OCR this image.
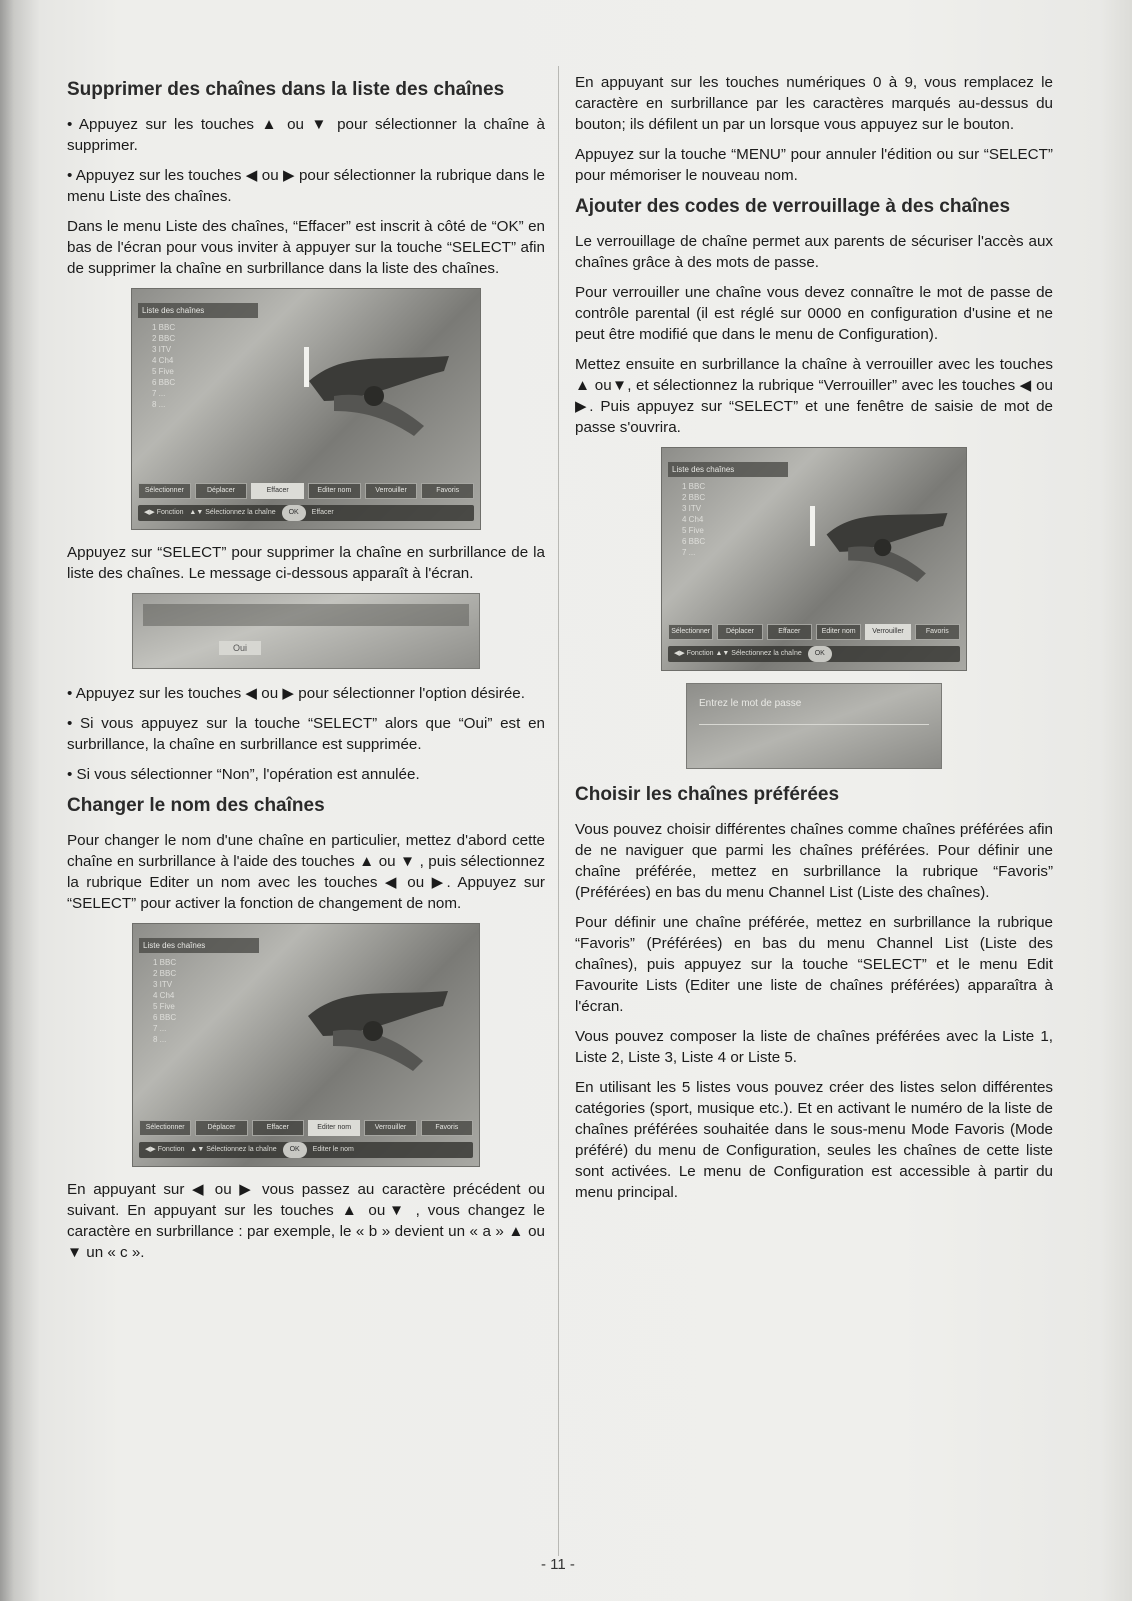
Supprimer des chaînes dans la liste des chaînes

• Appuyez sur les touches ▲ ou ▼ pour sélectionner la chaîne à supprimer.

• Appuyez sur les touches ◀ ou ▶ pour sélectionner la rubrique dans le menu Liste des chaînes.

Dans le menu Liste des chaînes, “Effacer” est inscrit à côté de “OK” en bas de l'écran pour vous inviter à appuyer sur la touche “SELECT” afin de supprimer la chaîne en surbrillance dans la liste des chaînes.

Liste des chaînes
1 BBC
2 BBC
3 ITV
4 Ch4
5 Five
6 BBC
7 ...
8 ...
Sélectionner	Déplacer	Effacer	Editer nom	Verrouiller	Favoris
◀▶ Fonction   ▲▼ Sélectionnez la chaîne OK Effacer

Appuyez sur “SELECT” pour supprimer la chaîne en surbrillance de la liste des chaînes. Le message ci-dessous apparaît à l'écran.

Oui

• Appuyez sur les touches ◀ ou ▶ pour sélectionner l'option désirée.

• Si vous appuyez sur la touche “SELECT” alors que “Oui” est en surbrillance, la chaîne en surbrillance est supprimée.

• Si vous sélectionner “Non”, l'opération est annulée.

Changer le nom des chaînes

Pour changer le nom d'une chaîne en particulier, mettez d'abord cette chaîne en surbrillance à l'aide des touches ▲ ou ▼ , puis sélectionnez la rubrique Editer un nom avec les touches ◀ ou ▶. Appuyez sur “SELECT” pour activer la fonction de changement de nom.

Liste des chaînes
1 BBC
2 BBC
3 ITV
4 Ch4
5 Five
6 BBC
7 ...
8 ...
Sélectionner	Déplacer	Effacer	Editer nom	Verrouiller	Favoris
◀▶ Fonction   ▲▼ Sélectionnez la chaîne OK Editer le nom

En appuyant sur ◀ ou ▶ vous passez au caractère précédent ou suivant. En appuyant sur les touches ▲ ou▼ , vous changez le caractère en surbrillance : par exemple, le « b » devient un « a » ▲ ou ▼ un « c ».

En appuyant sur les touches numériques 0 à 9, vous remplacez le caractère en surbrillance par les caractères marqués au-dessus du bouton; ils défilent un par un lorsque vous appuyez sur le bouton.

Appuyez sur la touche “MENU” pour annuler l'édition ou sur “SELECT” pour mémoriser le nouveau nom.

Ajouter des codes de verrouillage à des chaînes

Le verrouillage de chaîne permet aux parents de sécuriser l'accès aux chaînes grâce à des mots de passe.

Pour verrouiller une chaîne vous devez connaître le mot de passe de contrôle parental (il est réglé sur 0000 en configuration d'usine et ne peut être modifié que dans le menu de Configuration).

Mettez ensuite en surbrillance la chaîne à verrouiller avec les touches ▲ ou▼, et sélectionnez la rubrique “Verrouiller” avec les touches ◀ ou ▶. Puis appuyez sur “SELECT” et une fenêtre de saisie de mot de passe s'ouvrira.

Liste des chaînes
1 BBC
2 BBC
3 ITV
4 Ch4
5 Five
6 BBC
7 ...
Sélectionner	Déplacer	Effacer	Editer nom	Verrouiller	Favoris
◀▶ Fonction ▲▼ Sélectionnez la chaîne OK
Entrez le mot de passe
Choisir les chaînes préférées

Vous pouvez choisir différentes chaînes comme chaînes préférées afin de ne naviguer que parmi les chaînes préférées. Pour définir une chaîne préférée, mettez en surbrillance la rubrique “Favoris” (Préférées) en bas du menu Channel List (Liste des chaînes).

Pour définir une chaîne préférée, mettez en surbrillance la rubrique “Favoris” (Préférées) en bas du menu Channel List (Liste des chaînes), puis appuyez sur la touche “SELECT” et le menu Edit Favourite Lists (Editer une liste de chaînes préférées) apparaîtra à l'écran.

Vous pouvez composer la liste de chaînes préférées avec la Liste 1, Liste 2, Liste 3, Liste 4 or Liste 5.

En utilisant les 5 listes vous pouvez créer des listes selon différentes catégories (sport, musique etc.). Et en activant le numéro de la liste de chaînes préférées souhaitée dans le sous-menu Mode Favoris (Mode préféré) du menu de Configuration, seules les chaînes de cette liste sont activées. Le menu de Configuration est accessible à partir du menu principal.

- 11 -
